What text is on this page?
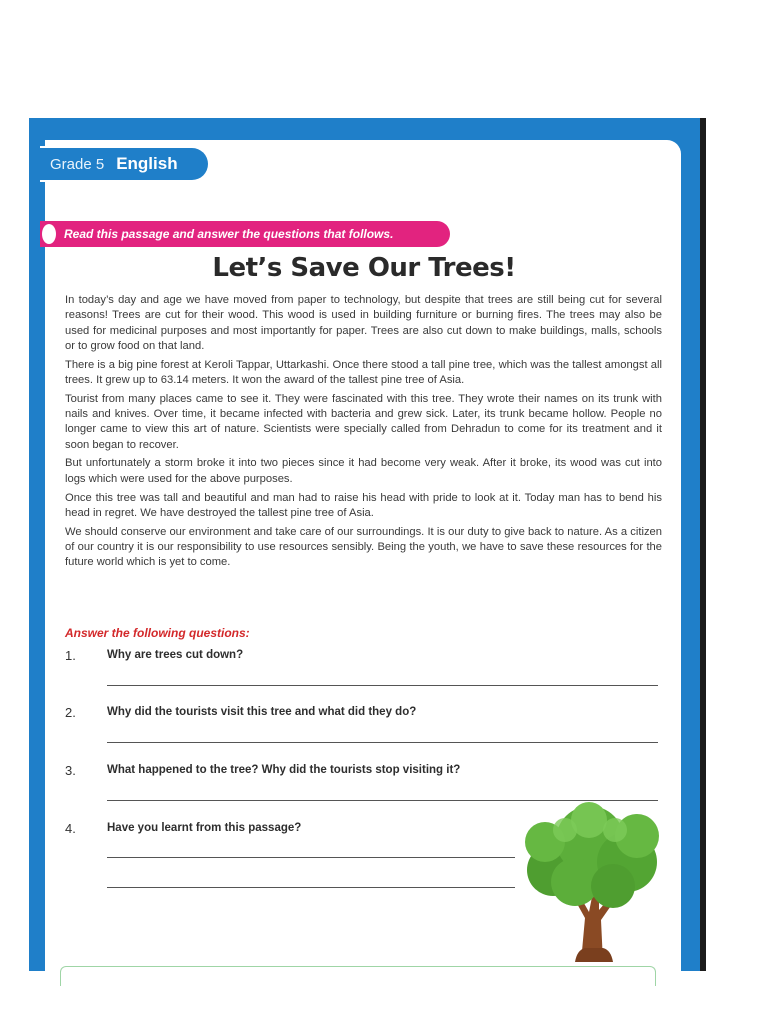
Grade 5 English
Read this passage and answer the questions that follows.
Let’s Save Our Trees!

In today’s day and age we have moved from paper to technology, but despite that trees are still being cut for several reasons! Trees are cut for their wood. This wood is used in building furniture or burning fires. The trees may also be used for medicinal purposes and most importantly for paper. Trees are also cut down to make buildings, malls, schools or to grow food on that land.

There is a big pine forest at Keroli Tappar, Uttarkashi. Once there stood a tall pine tree, which was the tallest amongst all trees. It grew up to 63.14 meters. It won the award of the tallest pine tree of Asia.

Tourist from many places came to see it. They were fascinated with this tree. They wrote their names on its trunk with nails and knives. Over time, it became infected with bacteria and grew sick. Later, its trunk became hollow. People no longer came to view this art of nature. Scientists were specially called from Dehradun to come for its treatment and it soon began to recover.

But unfortunately a storm broke it into two pieces since it had become very weak. After it broke, its wood was cut into logs which were used for the above purposes.

Once this tree was tall and beautiful and man had to raise his head with pride to look at it. Today man has to bend his head in regret. We have destroyed the tallest pine tree of Asia.

We should conserve our environment and take care of our surroundings. It is our duty to give back to nature. As a citizen of our country it is our responsibility to use resources sensibly. Being the youth, we have to save these resources for the future world which is yet to come.

Answer the following questions:
1.	Why are trees cut down?
2.	Why did the tourists visit this tree and what did they do?
3.	What happened to the tree? Why did the tourists stop visiting it?
4.	Have you learnt from this passage?
